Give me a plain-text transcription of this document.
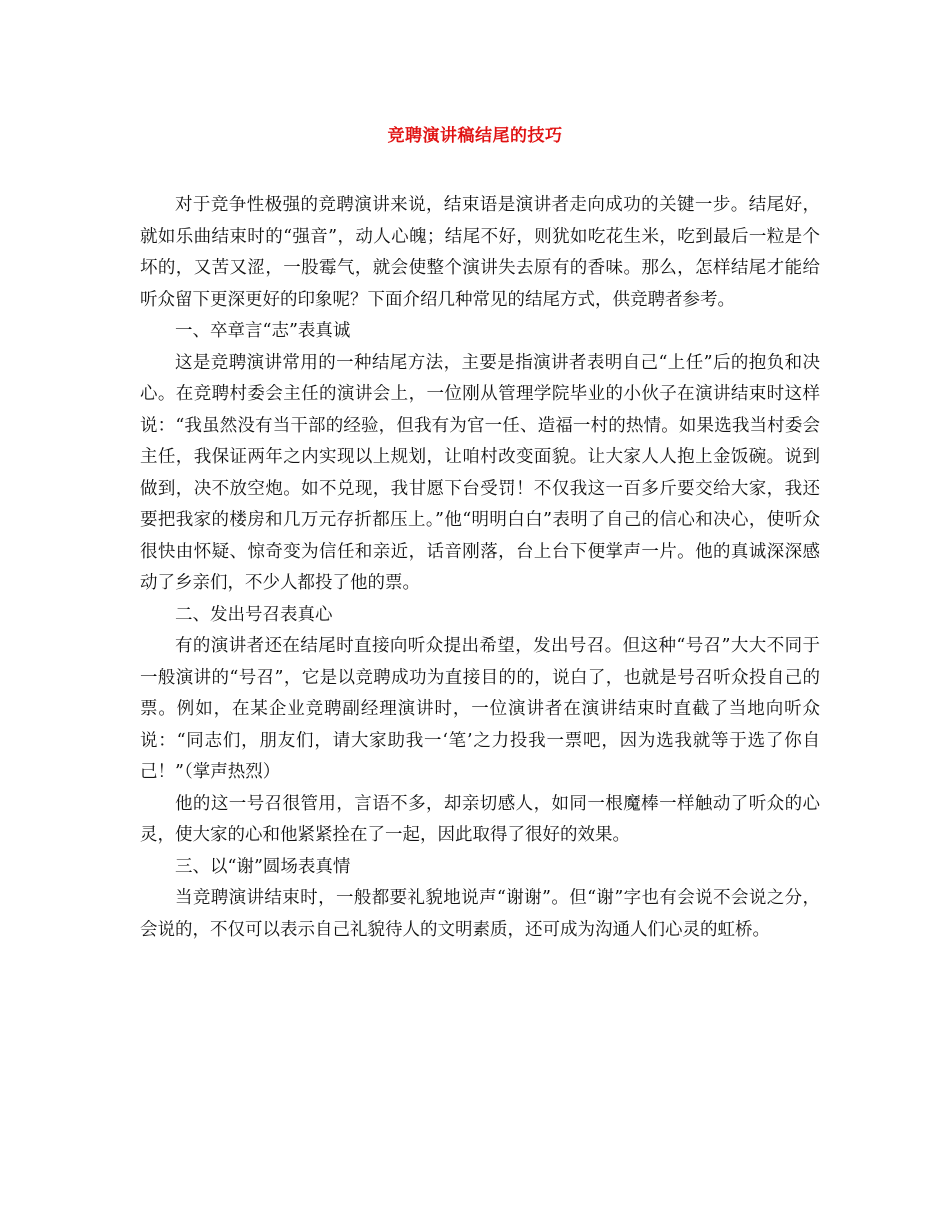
竞聘演讲稿结尾的技巧

对于竞争性极强的竞聘演讲来说，结束语是演讲者走向成功的关键一步。结尾好，就如乐曲结束时的“强音”，动人心魄；结尾不好，则犹如吃花生米，吃到最后一粒是个坏的，又苦又涩，一股霉气，就会使整个演讲失去原有的香味。那么，怎样结尾才能给听众留下更深更好的印象呢？下面介绍几种常见的结尾方式，供竞聘者参考。

一、卒章言“志”表真诚

这是竞聘演讲常用的一种结尾方法，主要是指演讲者表明自己“上任”后的抱负和决心。在竞聘村委会主任的演讲会上，一位刚从管理学院毕业的小伙子在演讲结束时这样说：“我虽然没有当干部的经验，但我有为官一任、造福一村的热情。如果选我当村委会主任，我保证两年之内实现以上规划，让咱村改变面貌。让大家人人抱上金饭碗。说到做到，决不放空炮。如不兑现，我甘愿下台受罚！不仅我这一百多斤要交给大家，我还要把我家的楼房和几万元存折都压上。”他“明明白白”表明了自己的信心和决心，使听众很快由怀疑、惊奇变为信任和亲近，话音刚落，台上台下便掌声一片。他的真诚深深感动了乡亲们，不少人都投了他的票。

二、发出号召表真心

有的演讲者还在结尾时直接向听众提出希望，发出号召。但这种“号召”大大不同于一般演讲的“号召”，它是以竞聘成功为直接目的的，说白了，也就是号召听众投自己的票。例如，在某企业竞聘副经理演讲时，一位演讲者在演讲结束时直截了当地向听众说：“同志们，朋友们，请大家助我一‘笔’之力投我一票吧，因为选我就等于选了你自己！”（掌声热烈）

他的这一号召很管用，言语不多，却亲切感人，如同一根魔棒一样触动了听众的心灵，使大家的心和他紧紧拴在了一起，因此取得了很好的效果。

三、以“谢”圆场表真情

当竞聘演讲结束时，一般都要礼貌地说声“谢谢”。但“谢”字也有会说不会说之分，会说的，不仅可以表示自己礼貌待人的文明素质，还可成为沟通人们心灵的虹桥。
